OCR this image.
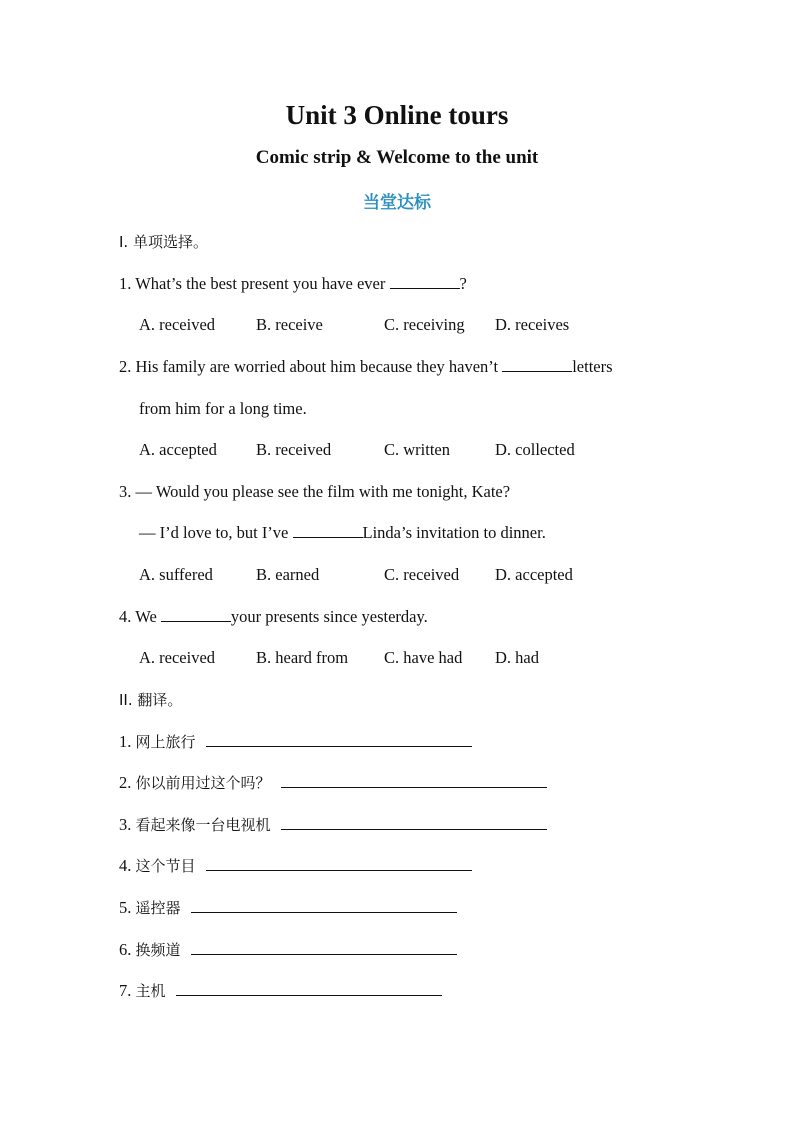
Unit 3 Online tours
Comic strip & Welcome to the unit
当堂达标
I. 单项选择。
1. What’s the best present you have ever	?
A. received B. receive	C. receiving D. receives
2. His family are worried about him because they haven’t	letters
from him for a long time.
A. accepted B. received	C. written	D. collected
3. — Would you please see the film with me tonight, Kate?
— I’d love to, but I’ve	Linda’s invitation to dinner.
A. suffered	B. earned	C. received D. accepted
4. We	your presents since yesterday.
A. received B. heard from C. have had D. had
II. 翻译。
1. 网上旅行
2. 你以前用过这个吗？
3. 看起来像一台电视机
4. 这个节目
5. 遥控器
6. 换频道
7. 主机
